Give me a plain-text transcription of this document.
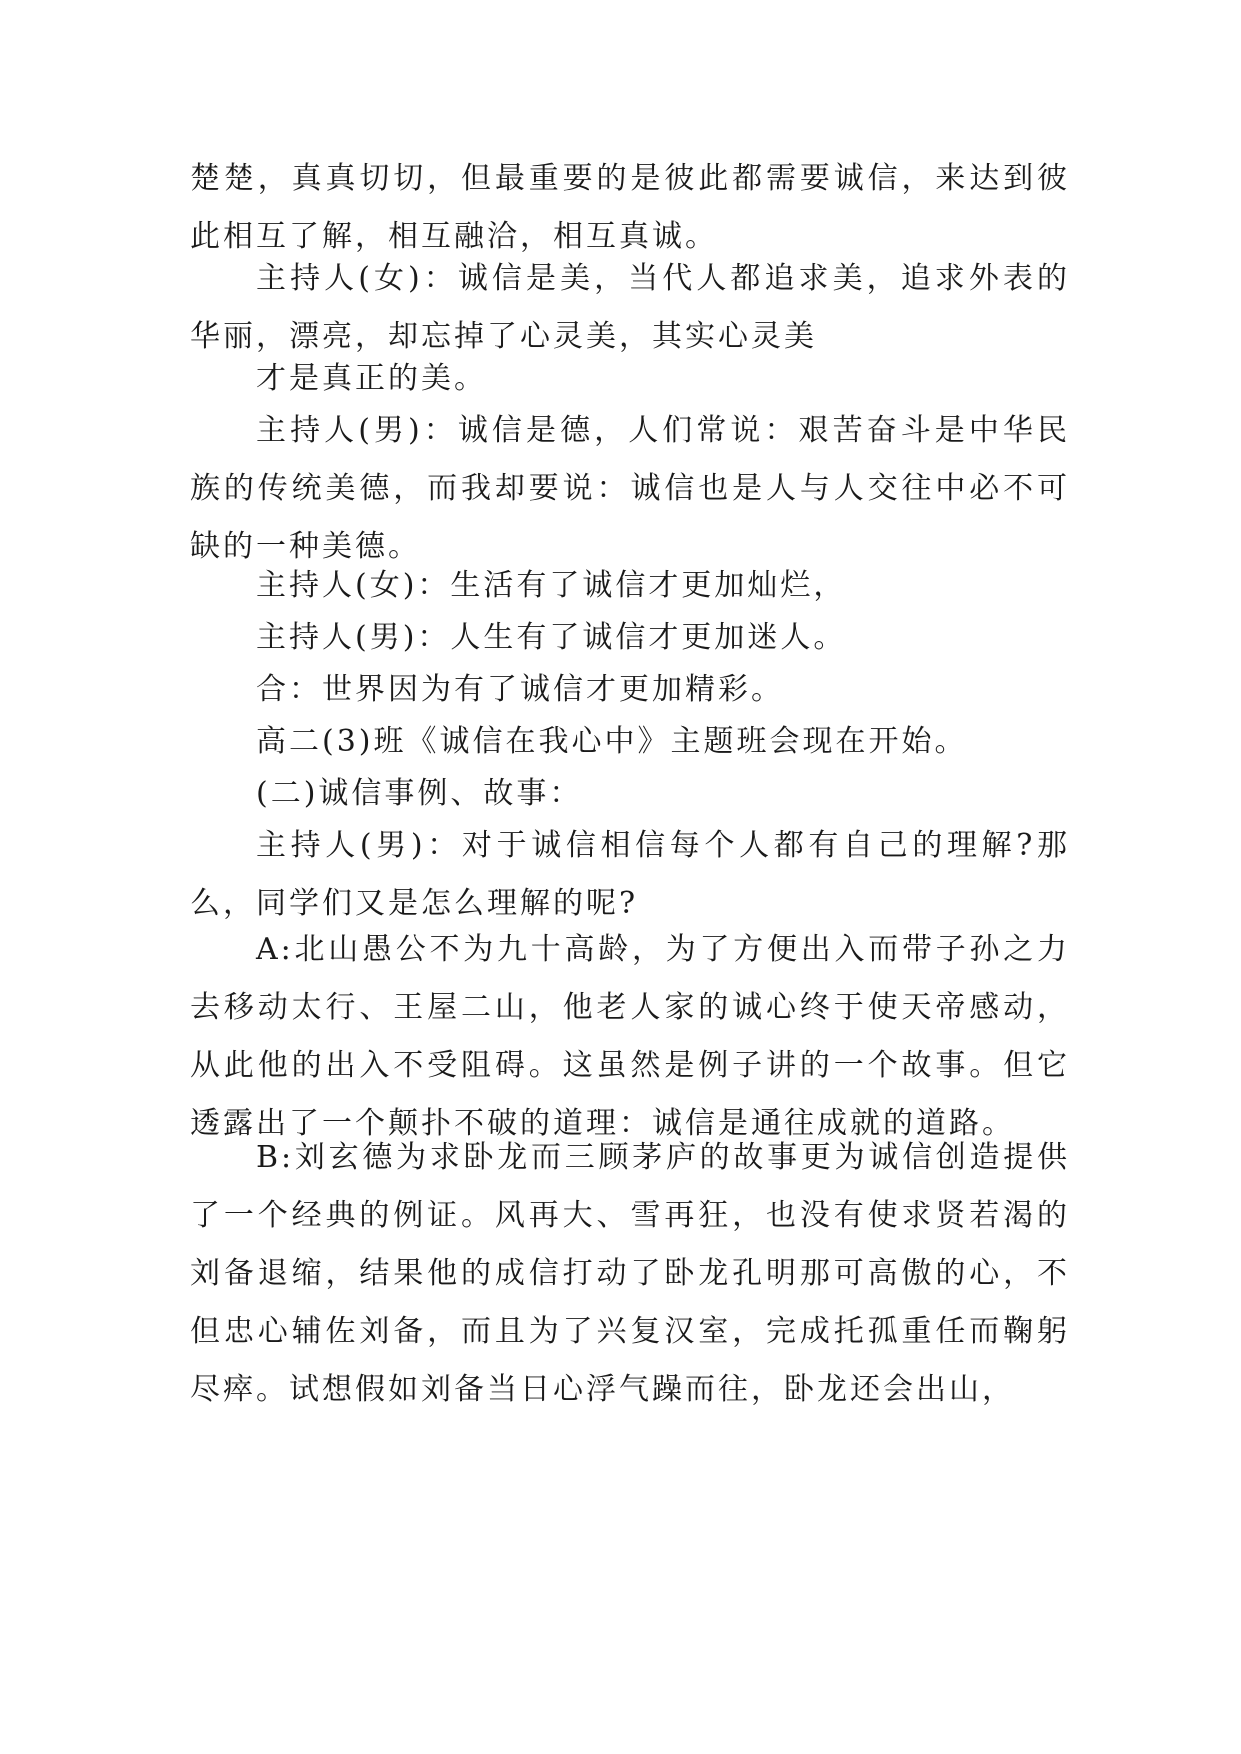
楚楚，真真切切，但最重要的是彼此都需要诚信，来达到彼此相互了解，相互融洽，相互真诚。

主持人(女)：诚信是美，当代人都追求美，追求外表的华丽，漂亮，却忘掉了心灵美，其实心灵美

才是真正的美。

主持人(男)：诚信是德，人们常说：艰苦奋斗是中华民族的传统美德，而我却要说：诚信也是人与人交往中必不可缺的一种美德。

主持人(女)：生活有了诚信才更加灿烂，

主持人(男)：人生有了诚信才更加迷人。

合：世界因为有了诚信才更加精彩。

高二(3)班《诚信在我心中》主题班会现在开始。

(二)诚信事例、故事：

主持人(男)：对于诚信相信每个人都有自己的理解?那么，同学们又是怎么理解的呢?

A:北山愚公不为九十高龄，为了方便出入而带子孙之力去移动太行、王屋二山，他老人家的诚心终于使天帝感动，从此他的出入不受阻碍。这虽然是例子讲的一个故事。但它透露出了一个颠扑不破的道理：诚信是通往成就的道路。

B:刘玄德为求卧龙而三顾茅庐的故事更为诚信创造提供了一个经典的例证。风再大、雪再狂，也没有使求贤若渴的刘备退缩，结果他的成信打动了卧龙孔明那可高傲的心，不但忠心辅佐刘备，而且为了兴复汉室，完成托孤重任而鞠躬尽瘁。试想假如刘备当日心浮气躁而往，卧龙还会出山，
